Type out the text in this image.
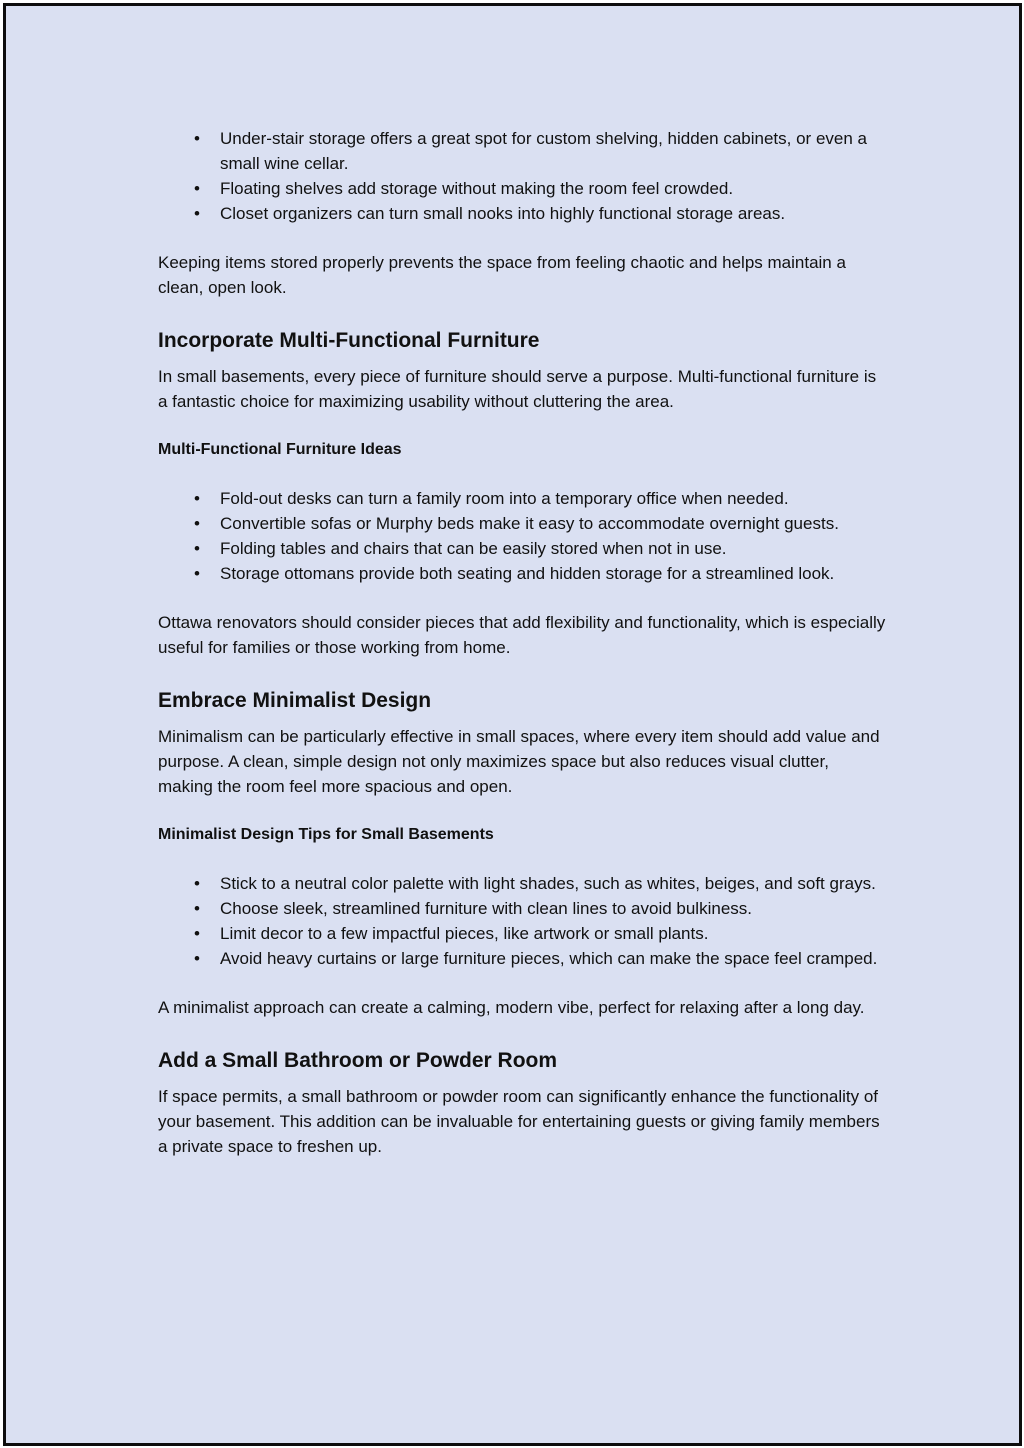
• Under-stair storage offers a great spot for custom shelving, hidden cabinets, or even a small wine cellar.
• Floating shelves add storage without making the room feel crowded.
• Closet organizers can turn small nooks into highly functional storage areas.

Keeping items stored properly prevents the space from feeling chaotic and helps maintain a clean, open look.

Incorporate Multi-Functional Furniture

In small basements, every piece of furniture should serve a purpose. Multi-functional furniture is a fantastic choice for maximizing usability without cluttering the area.

Multi-Functional Furniture Ideas
• Fold-out desks can turn a family room into a temporary office when needed.
• Convertible sofas or Murphy beds make it easy to accommodate overnight guests.
• Folding tables and chairs that can be easily stored when not in use.
• Storage ottomans provide both seating and hidden storage for a streamlined look.

Ottawa renovators should consider pieces that add flexibility and functionality, which is especially useful for families or those working from home.

Embrace Minimalist Design

Minimalism can be particularly effective in small spaces, where every item should add value and purpose. A clean, simple design not only maximizes space but also reduces visual clutter, making the room feel more spacious and open.

Minimalist Design Tips for Small Basements
• Stick to a neutral color palette with light shades, such as whites, beiges, and soft grays.
• Choose sleek, streamlined furniture with clean lines to avoid bulkiness.
• Limit decor to a few impactful pieces, like artwork or small plants.
• Avoid heavy curtains or large furniture pieces, which can make the space feel cramped.

A minimalist approach can create a calming, modern vibe, perfect for relaxing after a long day.

Add a Small Bathroom or Powder Room

If space permits, a small bathroom or powder room can significantly enhance the functionality of your basement. This addition can be invaluable for entertaining guests or giving family members a private space to freshen up.
